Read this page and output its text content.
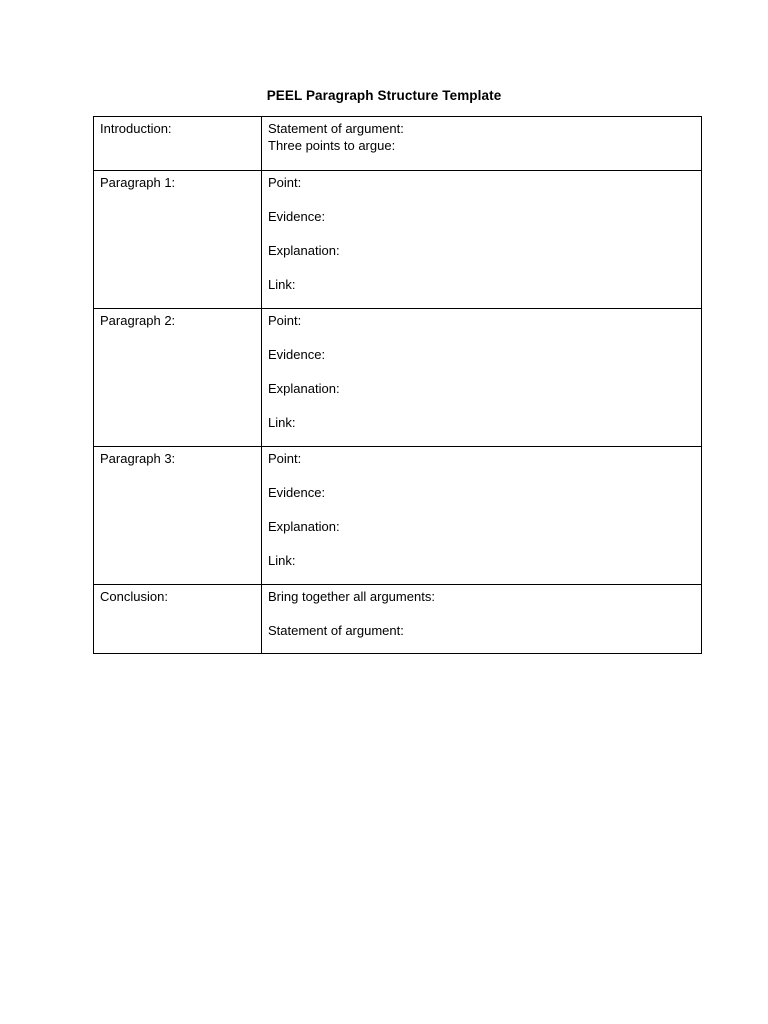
PEEL Paragraph Structure Template
Introduction:	Statement of argument:
Three points to argue:

Paragraph 1:	Point:
Evidence:
Explanation:
Link:

Paragraph 2:	Point:
Evidence:
Explanation:
Link:

Paragraph 3:	Point:
Evidence:
Explanation:
Link:

Conclusion:	Bring together all arguments:
Statement of argument:
